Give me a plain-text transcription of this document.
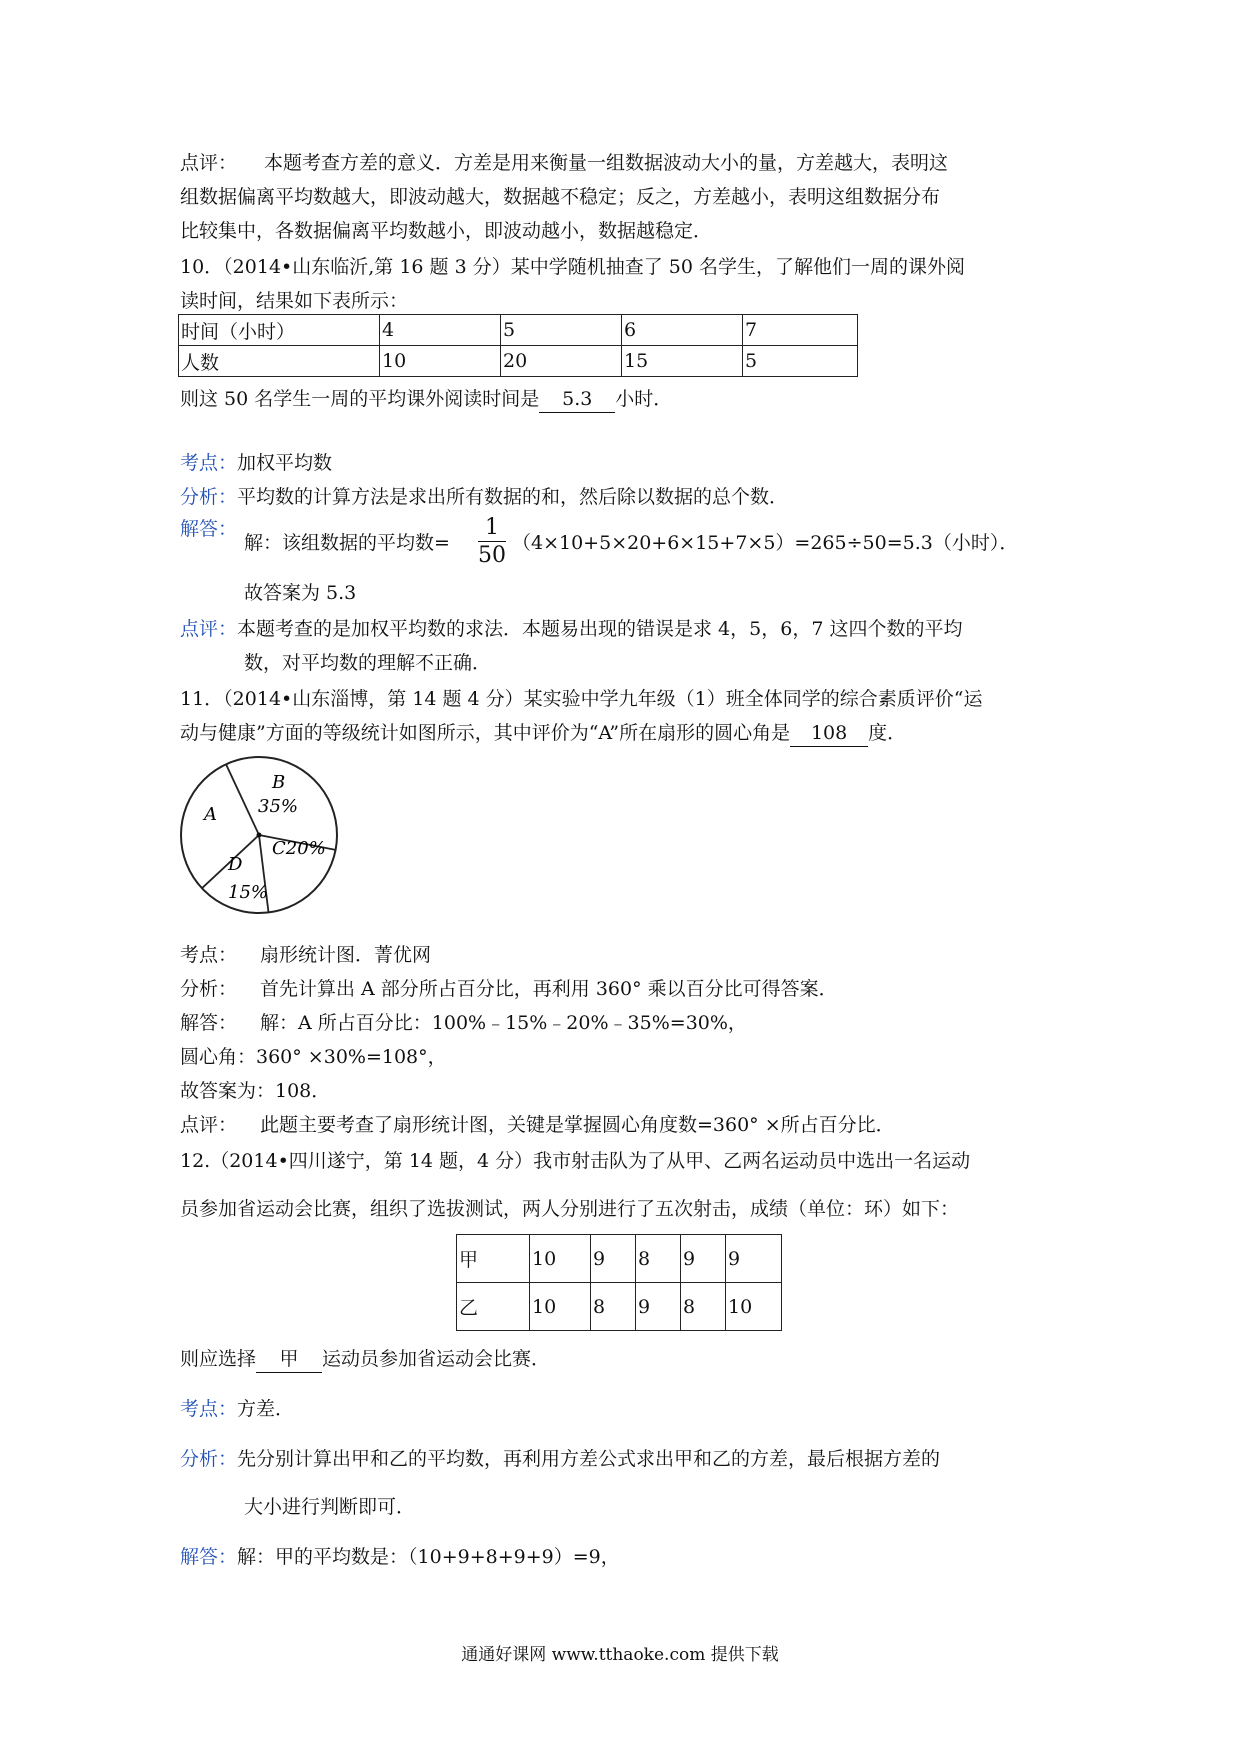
点评： 本题考查方差的意义．方差是用来衡量一组数据波动大小的量，方差越大，表明这
组数据偏离平均数越大，即波动越大，数据越不稳定；反之，方差越小，表明这组数据分布
比较集中，各数据偏离平均数越小，即波动越小，数据越稳定．
10．（2014•山东临沂,第 16 题 3 分）某中学随机抽查了 50 名学生，了解他们一周的课外阅
读时间，结果如下表所示：
时间（小时）	4	5	6	7
人数	10	20	15	5
则这 50 名学生一周的平均课外阅读时间是 5.3 小时．
考点：加权平均数
分析：平均数的计算方法是求出所有数据的和，然后除以数据的总个数．
解答：
解：该组数据的平均数= $\frac{1}{50} (4\times 10+5\times 20+6\times 15+7\times 5)=265\div 50=5.3$（小时）．
故答案为 5.3
点评：本题考查的是加权平均数的求法．本题易出现的错误是求 4，5，6，7 这四个数的平均
数，对平均数的理解不正确．
11．（2014•山东淄博，第 14 题 4 分）某实验中学九年级（1）班全体同学的综合素质评价“运
动与健康”方面的等级统计如图所示，其中评价为“A”所在扇形的圆心角是 108 度．
B
35%
A
C20%
D
15%
考点： 扇形统计图．菁优网
分析： 首先计算出 A 部分所占百分比，再利用 360° 乘以百分比可得答案．
解答： 解：A 所占百分比：100%﹣15%﹣20%﹣35%=30%，
圆心角：360° ×30%=108°，
故答案为：108．
点评： 此题主要考查了扇形统计图，关键是掌握圆心角度数=360° ×所占百分比．
12.（2014•四川遂宁，第 14 题，4 分）我市射击队为了从甲、乙两名运动员中选出一名运动
员参加省运动会比赛，组织了选拔测试，两人分别进行了五次射击，成绩（单位：环）如下：
甲	10	9	8	9	9
乙	10	8	9	8	10
则应选择 甲 运动员参加省运动会比赛．
考点：方差．
分析：先分别计算出甲和乙的平均数，再利用方差公式求出甲和乙的方差，最后根据方差的
大小进行判断即可．
解答：解：甲的平均数是：（10+9+8+9+9）=9，
通通好课网 www.tthaoke.com 提供下载
